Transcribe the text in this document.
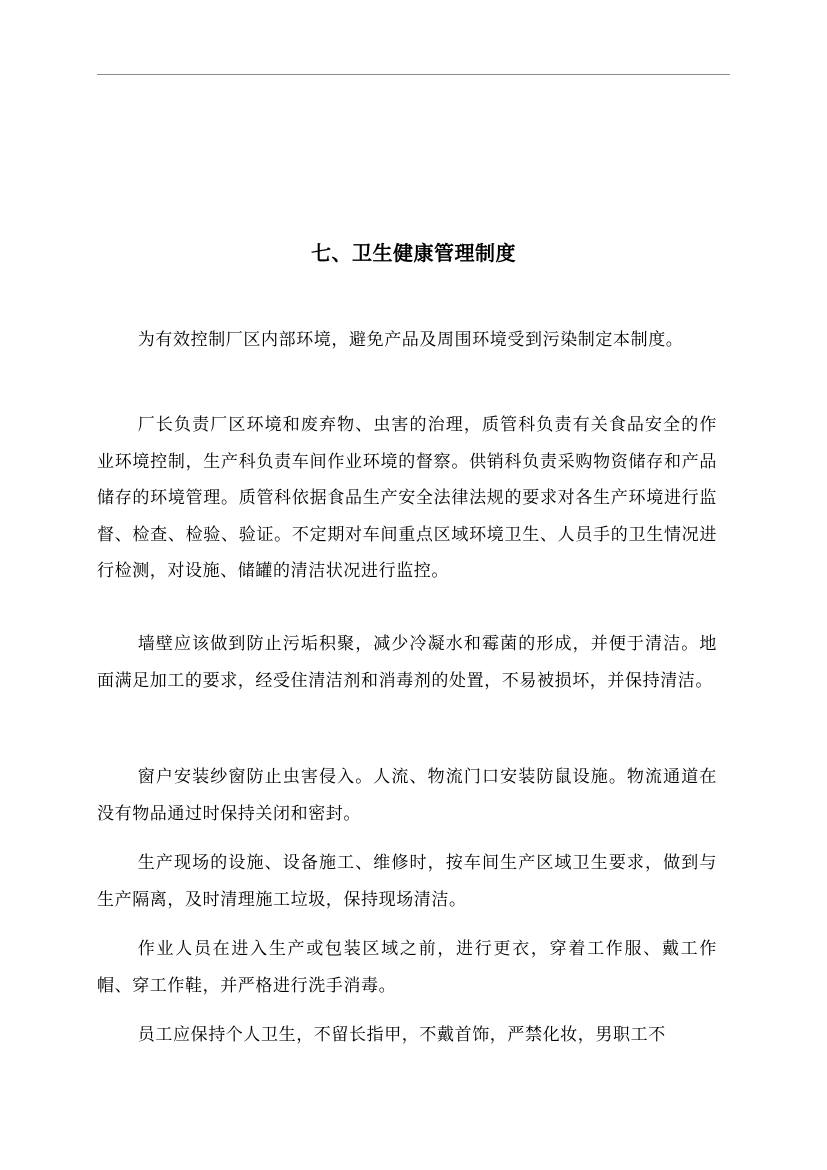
七、卫生健康管理制度

为有效控制厂区内部环境，避免产品及周围环境受到污染制定本制度。

厂长负责厂区环境和废弃物、虫害的治理，质管科负责有关食品安全的作业环境控制，生产科负责车间作业环境的督察。供销科负责采购物资储存和产品储存的环境管理。质管科依据食品生产安全法律法规的要求对各生产环境进行监督、检查、检验、验证。不定期对车间重点区域环境卫生、人员手的卫生情况进行检测，对设施、储罐的清洁状况进行监控。

墙壁应该做到防止污垢积聚，减少冷凝水和霉菌的形成，并便于清洁。地面满足加工的要求，经受住清洁剂和消毒剂的处置，不易被损坏，并保持清洁。

窗户安装纱窗防止虫害侵入。人流、物流门口安装防鼠设施。物流通道在没有物品通过时保持关闭和密封。

生产现场的设施、设备施工、维修时，按车间生产区域卫生要求，做到与生产隔离，及时清理施工垃圾，保持现场清洁。

作业人员在进入生产或包装区域之前，进行更衣，穿着工作服、戴工作帽、穿工作鞋，并严格进行洗手消毒。

员工应保持个人卫生，不留长指甲，不戴首饰，严禁化妆，男职工不
